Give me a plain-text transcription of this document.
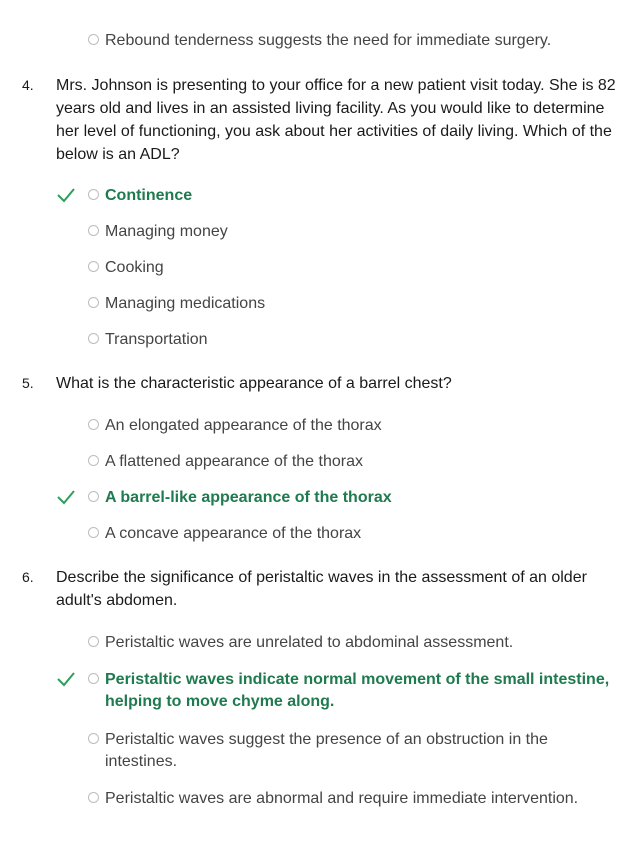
Rebound tenderness suggests the need for immediate surgery.
4. Mrs. Johnson is presenting to your office for a new patient visit today. She is 82 years old and lives in an assisted living facility. As you would like to determine her level of functioning, you ask about her activities of daily living. Which of the below is an ADL?
Continence
Managing money
Cooking
Managing medications
Transportation
5. What is the characteristic appearance of a barrel chest?
An elongated appearance of the thorax
A flattened appearance of the thorax
A barrel-like appearance of the thorax
A concave appearance of the thorax
6. Describe the significance of peristaltic waves in the assessment of an older adult's abdomen.
Peristaltic waves are unrelated to abdominal assessment.
Peristaltic waves indicate normal movement of the small intestine, helping to move chyme along.
Peristaltic waves suggest the presence of an obstruction in the intestines.
Peristaltic waves are abnormal and require immediate intervention.
